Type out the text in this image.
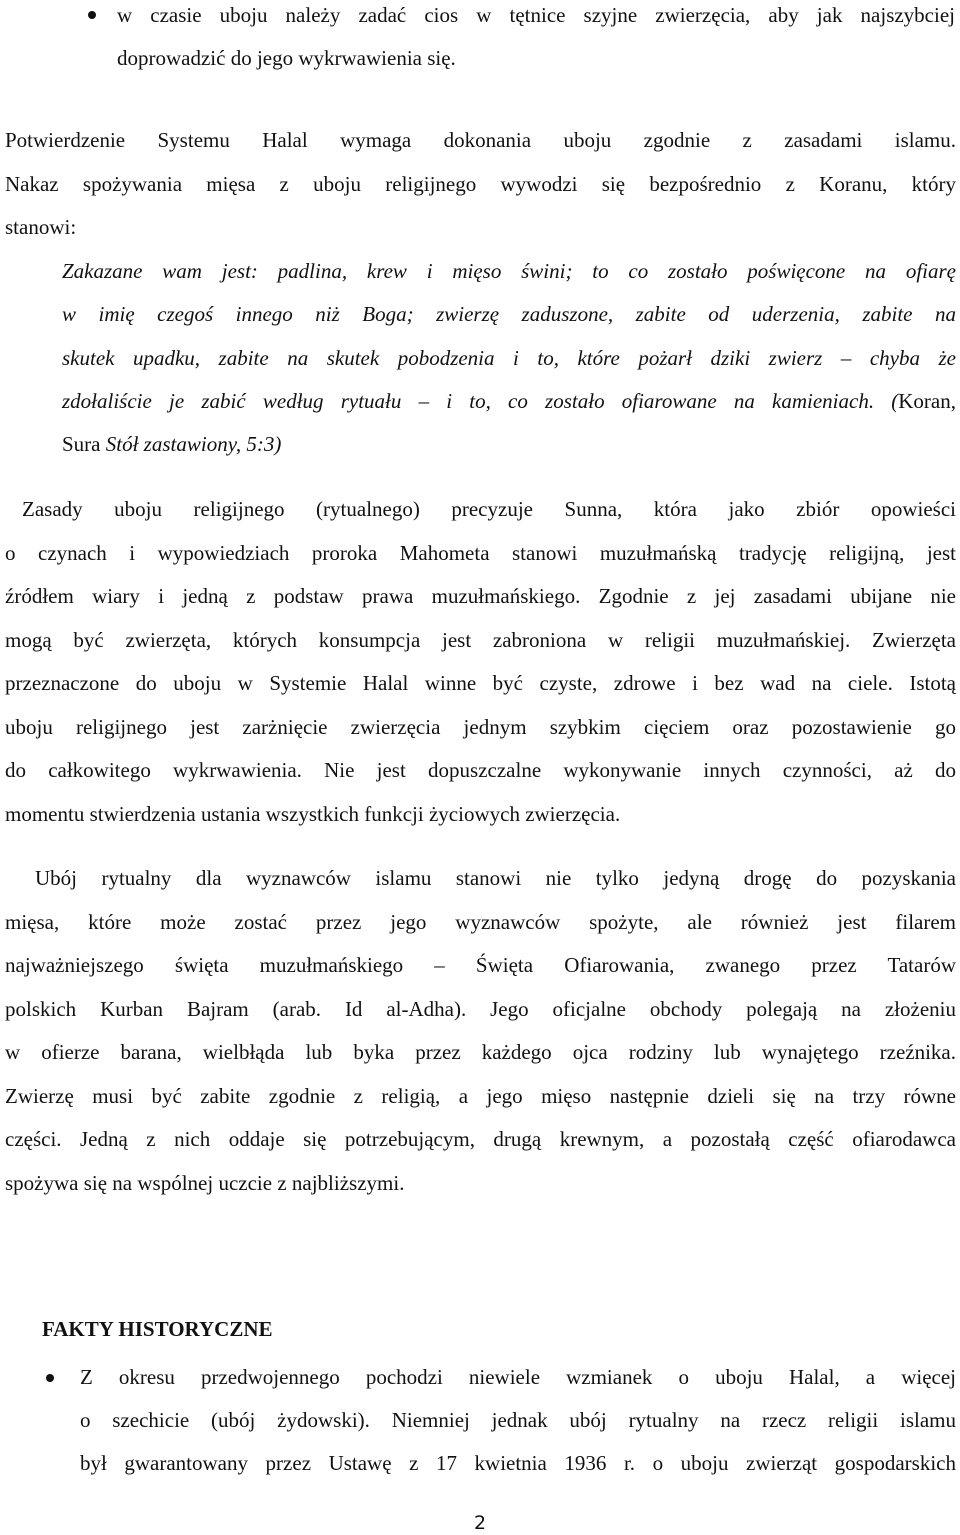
w czasie uboju należy zadać cios w tętnice szyjne zwierzęcia, aby jak najszybciej
doprowadzić do jego wykrwawienia się.
Potwierdzenie Systemu Halal wymaga dokonania uboju zgodnie z zasadami islamu.
Nakaz spożywania mięsa z uboju religijnego wywodzi się bezpośrednio z Koranu, który
stanowi:
Zakazane wam jest: padlina, krew i mięso świni; to co zostało poświęcone na ofiarę
w imię czegoś innego niż Boga; zwierzę zaduszone, zabite od uderzenia, zabite na
skutek upadku, zabite na skutek pobodzenia i to, które pożarł dziki zwierz – chyba że
zdołaliście je zabić według rytuału – i to, co zostało ofiarowane na kamieniach. (Koran,
Sura Stół zastawiony, 5:3)
Zasady uboju religijnego (rytualnego) precyzuje Sunna, która jako zbiór opowieści
o czynach i wypowiedziach proroka Mahometa stanowi muzułmańską tradycję religijną, jest
źródłem wiary i jedną z podstaw prawa muzułmańskiego. Zgodnie z jej zasadami ubijane nie
mogą być zwierzęta, których konsumpcja jest zabroniona w religii muzułmańskiej. Zwierzęta
przeznaczone do uboju w Systemie Halal winne być czyste, zdrowe i bez wad na ciele. Istotą
uboju religijnego jest zarżnięcie zwierzęcia jednym szybkim cięciem oraz pozostawienie go
do całkowitego wykrwawienia. Nie jest dopuszczalne wykonywanie innych czynności, aż do
momentu stwierdzenia ustania wszystkich funkcji życiowych zwierzęcia.
Ubój rytualny dla wyznawców islamu stanowi nie tylko jedyną drogę do pozyskania
mięsa, które może zostać przez jego wyznawców spożyte, ale również jest filarem
najważniejszego święta muzułmańskiego – Święta Ofiarowania, zwanego przez Tatarów
polskich Kurban Bajram (arab. Id al-Adha). Jego oficjalne obchody polegają na złożeniu
w ofierze barana, wielbłąda lub byka przez każdego ojca rodziny lub wynajętego rzeźnika.
Zwierzę musi być zabite zgodnie z religią, a jego mięso następnie dzieli się na trzy równe
części. Jedną z nich oddaje się potrzebującym, drugą krewnym, a pozostałą część ofiarodawca
spożywa się na wspólnej uczcie z najbliższymi.
FAKTY HISTORYCZNE
Z okresu przedwojennego pochodzi niewiele wzmianek o uboju Halal, a więcej
o szechicie (ubój żydowski). Niemniej jednak ubój rytualny na rzecz religii islamu
był gwarantowany przez Ustawę z 17 kwietnia 1936 r. o uboju zwierząt gospodarskich
2
